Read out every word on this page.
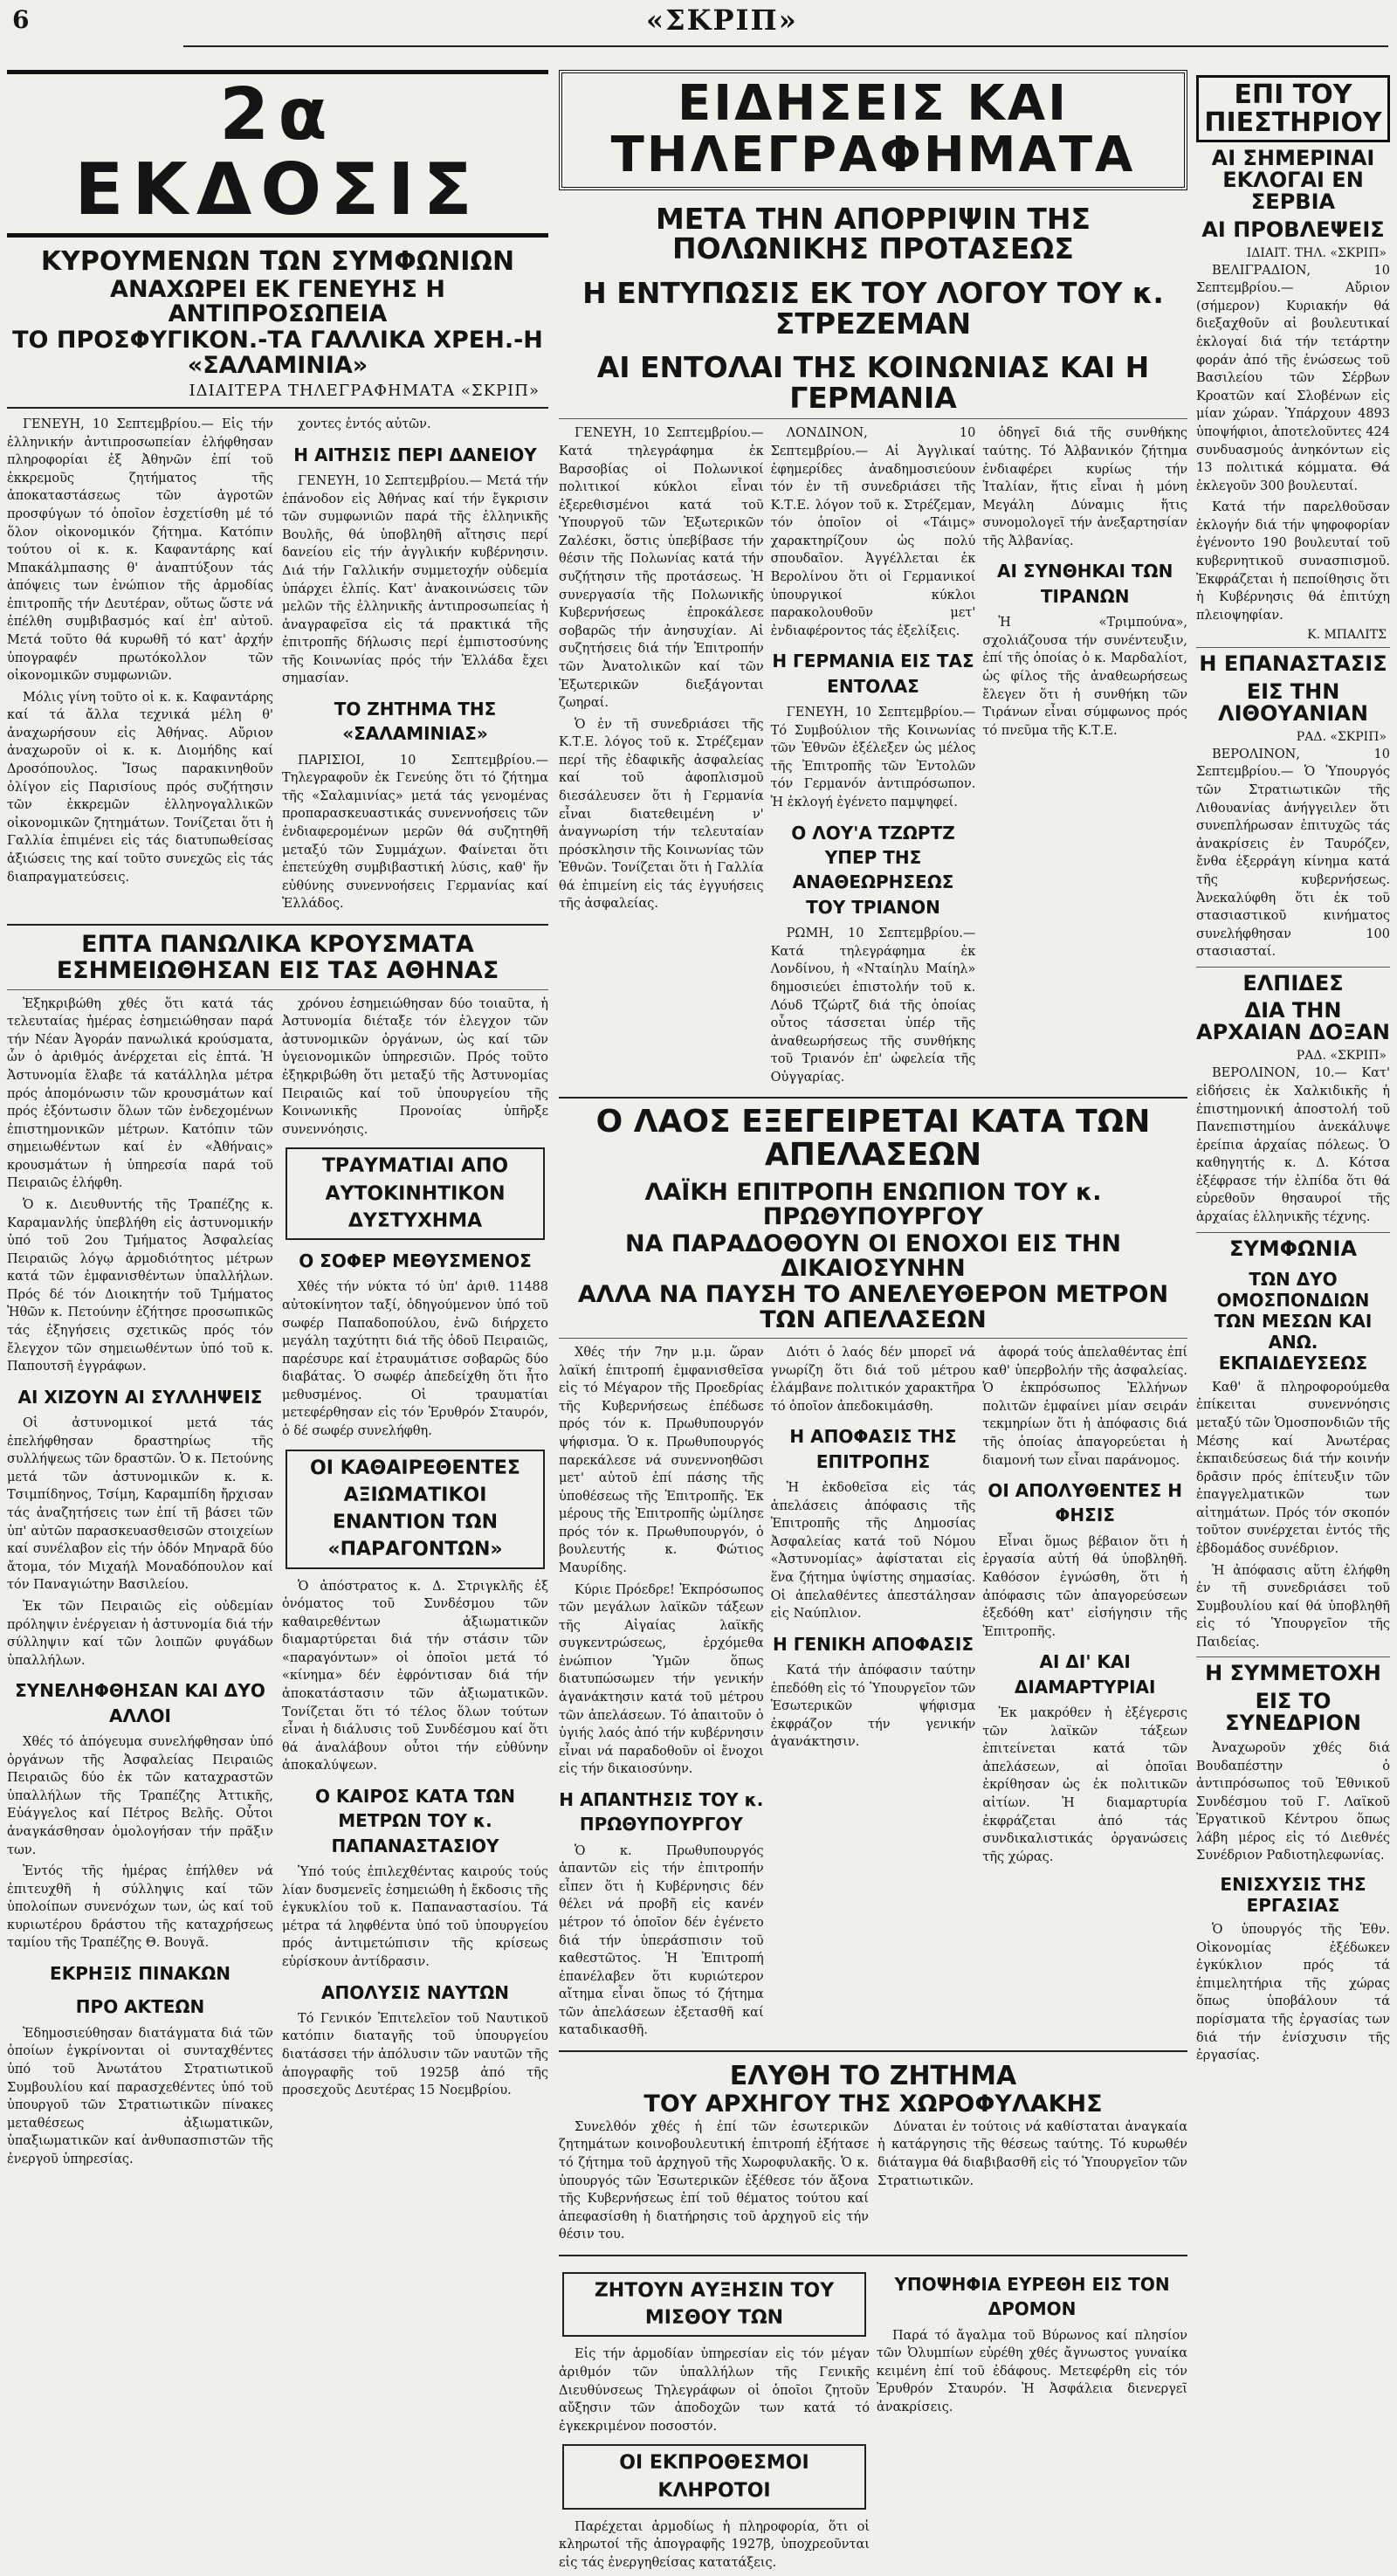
6	«ΣΚΡΙΠ»
2α ΕΚΔΟΣΙΣ
ΚΥΡΟΥΜΕΝΩΝ ΤΩΝ ΣΥΜΦΩΝΙΩΝ
ΑΝΑΧΩΡΕΙ ΕΚ ΓΕΝΕΥΗΣ Η ΑΝΤΙΠΡΟΣΩΠΕΙΑ
ΤΟ ΠΡΟΣΦΥΓΙΚΟΝ.-ΤΑ ΓΑΛΛΙΚΑ ΧΡΕΗ.-Η «ΣΑΛΑΜΙΝΙΑ»
ΙΔΙΑΙΤΕΡΑ ΤΗΛΕΓΡΑΦΗΜΑΤΑ «ΣΚΡΙΠ»

ΓΕΝΕΥΗ, 10 Σεπτεμβρίου.— Εἰς τήν ἑλληνικήν ἀντιπροσωπείαν ἐλήφθησαν πληροφορίαι ἐξ Ἀθηνῶν ἐπί τοῦ ἐκκρεμοῦς ζητήματος τῆς ἀποκαταστάσεως τῶν ἀγροτῶν προσφύγων τό ὁποῖον ἐσχετίσθη μέ τό ὅλον οἰκονομικόν ζήτημα. Κατόπιν τούτου οἱ κ. κ. Καφαντάρης καί Μπακάλμπασης θ' ἀναπτύξουν τάς ἀπόψεις των ἐνώπιον τῆς ἁρμοδίας ἐπιτροπῆς τήν Δευτέραν, οὕτως ὥστε νά ἐπέλθη συμβιβασμός καί ἐπ' αὐτοῦ. Μετά τοῦτο θά κυρωθῆ τό κατ' ἀρχήν ὑπογραφέν πρωτόκολλον τῶν οἰκονομικῶν συμφωνιῶν.

Μόλις γίνη τοῦτο οἱ κ. κ. Καφαντάρης καί τά ἄλλα τεχνικά μέλη θ' ἀναχωρήσουν εἰς Ἀθήνας. Αὔριον ἀναχωροῦν οἱ κ. κ. Διομήδης καί Δροσόπουλος. Ἴσως παρακινηθοῦν ὀλίγον εἰς Παρισίους πρός συζήτησιν τῶν ἐκκρεμῶν ἑλληνογαλλικῶν οἰκονομικῶν ζητημάτων. Τονίζεται ὅτι ἡ Γαλλία ἐπιμένει εἰς τάς διατυπωθείσας ἀξιώσεις της καί τοῦτο συνεχῶς εἰς τάς διαπραγματεύσεις.

χοντες ἐντός αὐτῶν.

Η ΑΙΤΗΣΙΣ ΠΕΡΙ ΔΑΝΕΙΟΥ

ΓΕΝΕΥΗ, 10 Σεπτεμβρίου.— Μετά τήν ἐπάνοδον εἰς Ἀθήνας καί τήν ἔγκρισιν τῶν συμφωνιῶν παρά τῆς ἑλληνικῆς Βουλῆς, θά ὑποβληθῆ αἴτησις περί δανείου εἰς τήν ἀγγλικήν κυβέρνησιν. Διά τήν Γαλλικήν συμμετοχήν οὐδεμία ὑπάρχει ἐλπίς. Κατ' ἀνακοινώσεις τῶν μελῶν τῆς ἑλληνικῆς ἀντιπροσωπείας ἡ ἀναγραφεῖσα εἰς τά πρακτικά τῆς ἐπιτροπῆς δήλωσις περί ἐμπιστοσύνης τῆς Κοινωνίας πρός τήν Ἑλλάδα ἔχει σημασίαν.

ΤΟ ΖΗΤΗΜΑ ΤΗΣ «ΣΑΛΑΜΙΝΙΑΣ»

ΠΑΡΙΣΙΟΙ, 10 Σεπτεμβρίου.— Τηλεγραφοῦν ἐκ Γενεύης ὅτι τό ζήτημα τῆς «Σαλαμινίας» μετά τάς γενομένας προπαρασκευαστικάς συνεννοήσεις τῶν ἐνδιαφερομένων μερῶν θά συζητηθῆ μεταξύ τῶν Συμμάχων. Φαίνεται ὅτι ἐπετεύχθη συμβιβαστική λύσις, καθ' ἥν εὐθύνης συνεννοήσεις Γερμανίας καί Ἑλλάδος.

ΕΠΤΑ ΠΑΝΩΛΙΚΑ ΚΡΟΥΣΜΑΤΑ
ΕΣΗΜΕΙΩΘΗΣΑΝ ΕΙΣ ΤΑΣ ΑΘΗΝΑΣ

Ἐξηκριβώθη χθές ὅτι κατά τάς τελευταίας ἡμέρας ἐσημειώθησαν παρά τήν Νέαν Ἀγοράν πανωλικά κρούσματα, ὧν ὁ ἀριθμός ἀνέρχεται εἰς ἑπτά. Ἡ Ἀστυνομία ἔλαβε τά κατάλληλα μέτρα πρός ἀπομόνωσιν τῶν κρουσμάτων καί πρός ἐξόντωσιν ὅλων τῶν ἐνδεχομένων ἐπιστημονικῶν μέτρων. Κατόπιν τῶν σημειωθέντων καί ἐν «Ἀθήναις» κρουσμάτων ἡ ὑπηρεσία παρά τοῦ Πειραιῶς ἐλήφθη.

Ὁ κ. Διευθυντής τῆς Τραπέζης κ. Καραμανλής ὑπεβλήθη εἰς ἀστυνομικήν ὑπό τοῦ 2ου Τμήματος Ἀσφαλείας Πειραιῶς λόγῳ ἁρμοδιότητος μέτρων κατά τῶν ἐμφανισθέντων ὑπαλλήλων. Πρός δέ τόν Διοικητήν τοῦ Τμήματος Ἠθῶν κ. Πετούνην ἐζήτησε προσωπικῶς τάς ἐξηγήσεις σχετικῶς πρός τόν ἔλεγχον τῶν σημειωθέντων ὑπό τοῦ κ. Παπουτσῆ ἐγγράφων.

ΑΙ ΧΙΖΟΥΝ ΑΙ ΣΥΛΛΗΨΕΙΣ

Οἱ ἀστυνομικοί μετά τάς ἐπελήφθησαν δραστηρίως τῆς συλλήψεως τῶν δραστῶν. Ὁ κ. Πετούνης μετά τῶν ἀστυνομικῶν κ. κ. Τσιμπίδηνος, Τσίμη, Καραμπίδη ἤρχισαν τάς ἀναζητήσεις των ἐπί τῆ βάσει τῶν ὑπ' αὐτῶν παρασκευασθεισῶν στοιχείων καί συνέλαβον εἰς τήν ὁδόν Μηναρᾶ δύο ἄτομα, τόν Μιχαήλ Μοναδόπουλον καί τόν Παναγιώτην Βασιλείου.

Ἐκ τῶν Πειραιῶς εἰς οὐδεμίαν πρόληψιν ἐνέργειαν ἡ ἀστυνομία διά τήν σύλληψιν καί τῶν λοιπῶν φυγάδων ὑπαλλήλων.

ΣΥΝΕΛΗΦΘΗΣΑΝ ΚΑΙ ΔΥΟ ΑΛΛΟΙ

Χθές τό ἀπόγευμα συνελήφθησαν ὑπό ὀργάνων τῆς Ἀσφαλείας Πειραιῶς Πειραιῶς δύο ἐκ τῶν καταχραστῶν ὑπαλλήλων τῆς Τραπέζης Ἀττικῆς, Εὐάγγελος καί Πέτρος Βελῆς. Οὗτοι ἀναγκάσθησαν ὁμολογήσαν τήν πρᾶξιν των.

Ἐντός τῆς ἡμέρας ἐπήλθεν νά ἐπιτευχθῆ ἡ σύλληψις καί τῶν ὑπολοίπων συνενόχων των, ὡς καί τοῦ κυριωτέρου δράστου τῆς καταχρήσεως ταμίου τῆς Τραπέζης Θ. Βουγᾶ.

ΕΚΡΗΞΙΣ ΠΙΝΑΚΩΝ
ΠΡΟ ΑΚΤΕΩΝ

Ἐδημοσιεύθησαν διατάγματα διά τῶν ὁποίων ἐγκρίνονται οἱ συνταχθέντες ὑπό τοῦ Ἀνωτάτου Στρατιωτικοῦ Συμβουλίου καί παρασχεθέντες ὑπό τοῦ ὑπουργοῦ τῶν Στρατιωτικῶν πίνακες μεταθέσεως ἀξιωματικῶν, ὑπαξιωματικῶν καί ἀνθυπασπιστῶν τῆς ἐνεργοῦ ὑπηρεσίας.

χρόνου ἐσημειώθησαν δύο τοιαῦτα, ἡ Ἀστυνομία διέταξε τόν ἐλεγχον τῶν ἀστυνομικῶν ὀργάνων, ὡς καί τῶν ὑγειονομικῶν ὑπηρεσιῶν. Πρός τοῦτο ἐξηκριβώθη ὅτι μεταξύ τῆς Ἀστυνομίας Πειραιῶς καί τοῦ ὑπουργείου τῆς Κοινωνικῆς Προνοίας ὑπῆρξε συνεννόησις.

ΤΡΑΥΜΑΤΙΑΙ ΑΠΟ ΑΥΤΟΚΙΝΗΤΙΚΟΝ ΔΥΣΤΥΧΗΜΑ
Ο ΣΟΦΕΡ ΜΕΘΥΣΜΕΝΟΣ

Χθές τήν νύκτα τό ὑπ' ἀριθ. 11488 αὐτοκίνητον ταξί, ὁδηγούμενον ὑπό τοῦ σωφέρ Παπαδοπούλου, ἐνῶ διήρχετο μεγάλη ταχύτητι διά τῆς ὁδοῦ Πειραιῶς, παρέσυρε καί ἐτραυμάτισε σοβαρῶς δύο διαβάτας. Ὁ σωφέρ ἀπεδείχθη ὅτι ἦτο μεθυσμένος. Οἱ τραυματίαι μετεφέρθησαν εἰς τόν Ἐρυθρόν Σταυρόν, ὁ δέ σωφέρ συνελήφθη.

ΟΙ ΚΑΘΑΙΡΕΘΕΝΤΕΣ ΑΞΙΩΜΑΤΙΚΟΙ ΕΝΑΝΤΙΟΝ ΤΩΝ «ΠΑΡΑΓΟΝΤΩΝ»

Ὁ ἀπόστρατος κ. Δ. Στριγκλῆς ἐξ ὀνόματος τοῦ Συνδέσμου τῶν καθαιρεθέντων ἀξιωματικῶν διαμαρτύρεται διά τήν στάσιν τῶν «παραγόντων» οἱ ὁποῖοι μετά τό «κίνημα» δέν ἐφρόντισαν διά τήν ἀποκατάστασιν τῶν ἀξιωματικῶν. Τονίζεται ὅτι τό τέλος ὅλων τούτων εἶναι ἡ διάλυσις τοῦ Συνδέσμου καί ὅτι θά ἀναλάβουν οὗτοι τήν εὐθύνην ἀποκαλύψεων.

Ο ΚΑΙΡΟΣ ΚΑΤΑ ΤΩΝ ΜΕΤΡΩΝ ΤΟΥ κ. ΠΑΠΑΝΑΣΤΑΣΙΟΥ

Ὑπό τούς ἐπιλεχθέντας καιρούς τούς λίαν δυσμενεῖς ἐσημειώθη ἡ ἔκδοσις τῆς ἐγκυκλίου τοῦ κ. Παπαναστασίου. Τά μέτρα τά ληφθέντα ὑπό τοῦ ὑπουργείου πρός ἀντιμετώπισιν τῆς κρίσεως εὑρίσκουν ἀντίδρασιν.

ΑΠΟΛΥΣΙΣ ΝΑΥΤΩΝ

Τό Γενικόν Ἐπιτελεῖον τοῦ Ναυτικοῦ κατόπιν διαταγῆς τοῦ ὑπουργείου διατάσσει τήν ἀπόλυσιν τῶν ναυτῶν τῆς ἀπογραφῆς τοῦ 1925β ἀπό τῆς προσεχοῦς Δευτέρας 15 Νοεμβρίου.

ΕΙΔΗΣΕΙΣ ΚΑΙ ΤΗΛΕΓΡΑΦΗΜΑΤΑ
ΜΕΤΑ ΤΗΝ ΑΠΟΡΡΙΨΙΝ ΤΗΣ ΠΟΛΩΝΙΚΗΣ ΠΡΟΤΑΣΕΩΣ
Η ΕΝΤΥΠΩΣΙΣ ΕΚ ΤΟΥ ΛΟΓΟΥ ΤΟΥ κ. ΣΤΡΕΖΕΜΑΝ
ΑΙ ΕΝΤΟΛΑΙ ΤΗΣ ΚΟΙΝΩΝΙΑΣ ΚΑΙ Η ΓΕΡΜΑΝΙΑ

ΓΕΝΕΥΗ, 10 Σεπτεμβρίου.— Κατά τηλεγράφημα ἐκ Βαρσοβίας οἱ Πολωνικοί πολιτικοί κύκλοι εἶναι ἐξερεθισμένοι κατά τοῦ Ὑπουργοῦ τῶν Ἐξωτερικῶν Ζαλέσκι, ὅστις ὑπεβίβασε τήν θέσιν τῆς Πολωνίας κατά τήν συζήτησιν τῆς προτάσεως. Ἡ συνεργασία τῆς Πολωνικῆς Κυβερνήσεως ἐπροκάλεσε σοβαρῶς τήν ἀνησυχίαν. Αἱ συζητήσεις διά τήν Ἐπιτροπήν τῶν Ἀνατολικῶν καί τῶν Ἐξωτερικῶν διεξάγονται ζωηραί.

Ὁ ἐν τῆ συνεδριάσει τῆς Κ.Τ.Ε. λόγος τοῦ κ. Στρέζεμαν περί τῆς ἐδαφικῆς ἀσφαλείας καί τοῦ ἀφοπλισμοῦ διεσάλευσεν ὅτι ἡ Γερμανία εἶναι διατεθειμένη ν' ἀναγνωρίση τήν τελευταίαν πρόσκλησιν τῆς Κοινωνίας τῶν Ἐθνῶν. Τονίζεται ὅτι ἡ Γαλλία θά ἐπιμείνη εἰς τάς ἐγγυήσεις τῆς ἀσφαλείας.

ΛΟΝΔΙΝΟΝ, 10 Σεπτεμβρίου.— Αἱ Ἀγγλικαί ἐφημερίδες ἀναδημοσιεύουν τόν ἐν τῆ συνεδριάσει τῆς Κ.Τ.Ε. λόγον τοῦ κ. Στρέζεμαν, τόν ὁποῖον οἱ «Τάιμς» χαρακτηρίζουν ὡς πολύ σπουδαῖον. Ἀγγέλλεται ἐκ Βερολίνου ὅτι οἱ Γερμανικοί ὑπουργικοί κύκλοι παρακολουθοῦν μετ' ἐνδιαφέροντος τάς ἐξελίξεις.

Η ΓΕΡΜΑΝΙΑ ΕΙΣ ΤΑΣ ΕΝΤΟΛΑΣ

ΓΕΝΕΥΗ, 10 Σεπτεμβρίου.— Τό Συμβούλιον τῆς Κοινωνίας τῶν Ἐθνῶν ἐξέλεξεν ὡς μέλος τῆς Ἐπιτροπῆς τῶν Ἐντολῶν τόν Γερμανόν ἀντιπρόσωπον. Ἡ ἐκλογή ἐγένετο παμψηφεί.

Ο ΛΟΥ'Α ΤΖΩΡΤΖ ΥΠΕΡ ΤΗΣ ΑΝΑΘΕΩΡΗΣΕΩΣ ΤΟΥ ΤΡΙΑΝΟΝ

ΡΩΜΗ, 10 Σεπτεμβρίου.— Κατά τηλεγράφημα ἐκ Λονδίνου, ἡ «Νταίηλυ Μαίηλ» δημοσιεύει ἐπιστολήν τοῦ κ. Λόυδ Τζώρτζ διά τῆς ὁποίας οὗτος τάσσεται ὑπέρ τῆς ἀναθεωρήσεως τῆς συνθήκης τοῦ Τριανόν ἐπ' ὠφελεία τῆς Οὐγγαρίας.

ὁδηγεῖ διά τῆς συνθήκης ταύτης. Τό Ἀλβανικόν ζήτημα ἐνδιαφέρει κυρίως τήν Ἰταλίαν, ἥτις εἶναι ἡ μόνη Μεγάλη Δύναμις ἥτις συνομολογεῖ τήν ἀνεξαρτησίαν τῆς Ἀλβανίας.

ΑΙ ΣΥΝΘΗΚΑΙ ΤΩΝ ΤΙΡΑΝΩΝ

Ἡ «Τριμπούνα», σχολιάζουσα τήν συνέντευξιν, ἐπί τῆς ὁποίας ὁ κ. Μαρδαλίοτ, ὡς φίλος τῆς ἀναθεωρήσεως ἔλεγεν ὅτι ἡ συνθήκη τῶν Τιράνων εἶναι σύμφωνος πρός τό πνεῦμα τῆς Κ.Τ.Ε.

Ο ΛΑΟΣ ΕΞΕΓΕΙΡΕΤΑΙ ΚΑΤΑ ΤΩΝ ΑΠΕΛΑΣΕΩΝ
ΛΑΪΚΗ ΕΠΙΤΡΟΠΗ ΕΝΩΠΙΟΝ ΤΟΥ κ. ΠΡΩΘΥΠΟΥΡΓΟΥ
ΝΑ ΠΑΡΑΔΟΘΟΥΝ ΟΙ ΕΝΟΧΟΙ ΕΙΣ ΤΗΝ ΔΙΚΑΙΟΣΥΝΗΝ
ΑΛΛΑ ΝΑ ΠΑΥΣΗ ΤΟ ΑΝΕΛΕΥΘΕΡΟΝ ΜΕΤΡΟΝ ΤΩΝ ΑΠΕΛΑΣΕΩΝ

Χθές τήν 7ην μ.μ. ὥραν λαϊκή ἐπιτροπή ἐμφανισθεῖσα εἰς τό Μέγαρον τῆς Προεδρίας τῆς Κυβερνήσεως ἐπέδωσε πρός τόν κ. Πρωθυπουργόν ψήφισμα. Ὁ κ. Πρωθυπουργός παρεκάλεσε νά συνεννοηθῶσι μετ' αὐτοῦ ἐπί πάσης τῆς ὑποθέσεως τῆς Ἐπιτροπῆς. Ἐκ μέρους τῆς Ἐπιτροπῆς ὡμίλησε πρός τόν κ. Πρωθυπουργόν, ὁ βουλευτής κ. Φώτιος Μαυρίδης.

Κύριε Πρόεδρε! Ἐκπρόσωπος τῶν μεγάλων λαϊκῶν τάξεων τῆς Αἰγαίας λαϊκῆς συγκεντρώσεως, ἐρχόμεθα ἐνώπιον Ὑμῶν ὅπως διατυπώσωμεν τήν γενικήν ἀγανάκτησιν κατά τοῦ μέτρου τῶν ἀπελάσεων. Τό ἀπαιτοῦν ὁ ὑγιής λαός ἀπό τήν κυβέρνησιν εἶναι νά παραδοθοῦν οἱ ἔνοχοι εἰς τήν δικαιοσύνην.

Η ΑΠΑΝΤΗΣΙΣ ΤΟΥ κ. ΠΡΩΘΥΠΟΥΡΓΟΥ

Ὁ κ. Πρωθυπουργός ἀπαντῶν εἰς τήν ἐπιτροπήν εἶπεν ὅτι ἡ Κυβέρνησις δέν θέλει νά προβῆ εἰς κανέν μέτρον τό ὁποῖον δέν ἐγένετο διά τήν ὑπεράσπισιν τοῦ καθεστῶτος. Ἡ Ἐπιτροπή ἐπανέλαβεν ὅτι κυριώτερον αἴτημα εἶναι ὅπως τό ζήτημα τῶν ἀπελάσεων ἐξετασθῆ καί καταδικασθῆ.

Διότι ὁ λαός δέν μπορεῖ νά γνωρίζη ὅτι διά τοῦ μέτρου ἐλάμβανε πολιτικόν χαρακτῆρα τό ὁποῖον ἀπεδοκιμάσθη.

Η ΑΠΟΦΑΣΙΣ ΤΗΣ ΕΠΙΤΡΟΠΗΣ

Ἡ ἐκδοθεῖσα εἰς τάς ἀπελάσεις ἀπόφασις τῆς Ἐπιτροπῆς τῆς Δημοσίας Ἀσφαλείας κατά τοῦ Νόμου «Ἀστυνομίας» ἀφίσταται εἰς ἕνα ζήτημα ὑψίστης σημασίας. Οἱ ἀπελαθέντες ἀπεστάλησαν εἰς Ναύπλιον.

Η ΓΕΝΙΚΗ ΑΠΟΦΑΣΙΣ

Κατά τήν ἀπόφασιν ταύτην ἐπεδόθη εἰς τό Ὑπουργεῖον τῶν Ἐσωτερικῶν ψήφισμα ἐκφράζον τήν γενικήν ἀγανάκτησιν.

ἀφορά τούς ἀπελαθέντας ἐπί καθ' ὑπερβολήν τῆς ἀσφαλείας. Ὁ ἐκπρόσωπος Ἑλλήνων πολιτῶν ἐμφαίνει μίαν σειράν τεκμηρίων ὅτι ἡ ἀπόφασις διά τῆς ὁποίας ἀπαγορεύεται ἡ διαμονή των εἶναι παράνομος.

ΟΙ ΑΠΟΛΥΘΕΝΤΕΣ Η ΦΗΣΙΣ

Εἶναι ὅμως βέβαιον ὅτι ἡ ἐργασία αὐτή θά ὑποβληθῆ. Καθόσον ἐγνώσθη, ὅτι ἡ ἀπόφασις τῶν ἀπαγορεύσεων ἐξεδόθη κατ' εἰσήγησιν τῆς Ἐπιτροπῆς.

ΑΙ ΔΙ' ΚΑΙ ΔΙΑΜΑΡΤΥΡΙΑΙ

Ἐκ μακρόθεν ἡ ἐξέγερσις τῶν λαϊκῶν τάξεων ἐπιτείνεται κατά τῶν ἀπελάσεων, αἱ ὁποῖαι ἐκρίθησαν ὡς ἐκ πολιτικῶν αἰτίων. Ἡ διαμαρτυρία ἐκφράζεται ἀπό τάς συνδικαλιστικάς ὀργανώσεις τῆς χώρας.

ΕΛΥΘΗ ΤΟ ΖΗΤΗΜΑ
ΤΟΥ ΑΡΧΗΓΟΥ ΤΗΣ ΧΩΡΟΦΥΛΑΚΗΣ

Συνελθόν χθές ἡ ἐπί τῶν ἐσωτερικῶν ζητημάτων κοινοβουλευτική ἐπιτροπή ἐξήτασε τό ζήτημα τοῦ ἀρχηγοῦ τῆς Χωροφυλακῆς. Ὁ κ. ὑπουργός τῶν Ἐσωτερικῶν ἐξέθεσε τόν ἄξονα τῆς Κυβερνήσεως ἐπί τοῦ θέματος τούτου καί ἀπεφασίσθη ἡ διατήρησις τοῦ ἀρχηγοῦ εἰς τήν θέσιν του.

Δύναται ἐν τούτοις νά καθίσταται ἀναγκαία ἡ κατάργησις τῆς θέσεως ταύτης. Τό κυρωθέν διάταγμα θά διαβιβασθῆ εἰς τό Ὑπουργεῖον τῶν Στρατιωτικῶν.

ΖΗΤΟΥΝ ΑΥΞΗΣΙΝ ΤΟΥ ΜΙΣΘΟΥ ΤΩΝ

Εἰς τήν ἁρμοδίαν ὑπηρεσίαν εἰς τόν μέγαν ἀριθμόν τῶν ὑπαλλήλων τῆς Γενικῆς Διευθύνσεως Τηλεγράφων οἱ ὁποῖοι ζητοῦν αὔξησιν τῶν ἀποδοχῶν των κατά τό ἐγκεκριμένον ποσοστόν.

ΟΙ ΕΚΠΡΟΘΕΣΜΟΙ ΚΛΗΡΟΤΟΙ

Παρέχεται ἁρμοδίως ἡ πληροφορία, ὅτι οἱ κληρωτοί τῆς ἀπογραφῆς 1927β, ὑποχρεοῦνται εἰς τάς ἐνεργηθείσας κατατάξεις.

ΥΠΟΨΗΦΙΑ ΕΥΡΕΘΗ ΕΙΣ ΤΟΝ ΔΡΟΜΟΝ

Παρά τό ἄγαλμα τοῦ Βύρωνος καί πλησίον τῶν Ὀλυμπίων εὑρέθη χθές ἄγνωστος γυναίκα κειμένη ἐπί τοῦ ἐδάφους. Μετεφέρθη εἰς τόν Ἐρυθρόν Σταυρόν. Ἡ Ἀσφάλεια διενεργεῖ ἀνακρίσεις.

ΕΠΙ ΤΟΥ ΠΙΕΣΤΗΡΙΟΥ
ΑΙ ΣΗΜΕΡΙΝΑΙ ΕΚΛΟΓΑΙ ΕΝ ΣΕΡΒΙΑ
ΑΙ ΠΡΟΒΛΕΨΕΙΣ
ΙΔΙΑΙΤ. ΤΗΛ. «ΣΚΡΙΠ»

ΒΕΛΙΓΡΑΔΙΟΝ, 10 Σεπτεμβρίου.— Αὔριον (σήμερον) Κυριακήν θά διεξαχθοῦν αἱ βουλευτικαί ἐκλογαί διά τήν τετάρτην φοράν ἀπό τῆς ἑνώσεως τοῦ Βασιλείου τῶν Σέρβων Κροατῶν καί Σλοβένων εἰς μίαν χώραν. Ὑπάρχουν 4893 ὑποψήφιοι, ἀποτελοῦντες 424 συνδυασμούς ἀνηκόντων εἰς 13 πολιτικά κόμματα. Θά ἐκλεγοῦν 300 βουλευταί.

Κατά τήν παρελθοῦσαν ἐκλογήν διά τήν ψηφοφορίαν ἐγένοντο 190 βουλευταί τοῦ κυβερνητικοῦ συνασπισμοῦ. Ἐκφράζεται ἡ πεποίθησις ὅτι ἡ Κυβέρνησις θά ἐπιτύχη πλειοψηφίαν.

Κ. ΜΠΑΛΙΤΣ
Η ΕΠΑΝΑΣΤΑΣΙΣ
ΕΙΣ ΤΗΝ ΛΙΘΟΥΑΝΙΑΝ
ΡΑΔ. «ΣΚΡΙΠ»

ΒΕΡΟΛΙΝΟΝ, 10 Σεπτεμβρίου.— Ὁ Ὑπουργός τῶν Στρατιωτικῶν τῆς Λιθουανίας ἀνήγγειλεν ὅτι συνεπλήρωσαν ἐπιτυχῶς τάς ἀνακρίσεις ἐν Ταυρόζεν, ἔνθα ἐξερράγη κίνημα κατά τῆς κυβερνήσεως. Ἀνεκαλύφθη ὅτι ἐκ τοῦ στασιαστικοῦ κινήματος συνελήφθησαν 100 στασιασταί.

ΕΛΠΙΔΕΣ
ΔΙΑ ΤΗΝ ΑΡΧΑΙΑΝ ΔΟΞΑΝ
ΡΑΔ. «ΣΚΡΙΠ»

ΒΕΡΟΛΙΝΟΝ, 10.— Κατ' εἰδήσεις ἐκ Χαλκιδικῆς ἡ ἐπιστημονική ἀποστολή τοῦ Πανεπιστημίου ἀνεκάλυψε ἐρείπια ἀρχαίας πόλεως. Ὁ καθηγητής κ. Δ. Κότσα ἐξέφρασε τήν ἐλπίδα ὅτι θά εὑρεθοῦν θησαυροί τῆς ἀρχαίας ἑλληνικῆς τέχνης.

ΣΥΜΦΩΝΙΑ
ΤΩΝ ΔΥΟ ΟΜΟΣΠΟΝΔΙΩΝ ΤΩΝ ΜΕΣΩΝ ΚΑΙ ΑΝΩ. ΕΚΠΑΙΔΕΥΣΕΩΣ

Καθ' ἅ πληροφορούμεθα ἐπίκειται συνεννόησις μεταξύ τῶν Ὁμοσπονδιῶν τῆς Μέσης καί Ἀνωτέρας ἐκπαιδεύσεως διά τήν κοινήν δρᾶσιν πρός ἐπίτευξιν τῶν ἐπαγγελματικῶν των αἰτημάτων. Πρός τόν σκοπόν τοῦτον συνέρχεται ἐντός τῆς ἑβδομάδος συνέδριον.

Ἡ ἀπόφασις αὕτη ἐλήφθη ἐν τῆ συνεδριάσει τοῦ Συμβουλίου καί θά ὑποβληθῆ εἰς τό Ὑπουργεῖον τῆς Παιδείας.

Η ΣΥΜΜΕΤΟΧΗ
ΕΙΣ ΤΟ ΣΥΝΕΔΡΙΟΝ

Ἀναχωροῦν χθές διά Βουδαπέστην ὁ ἀντιπρόσωπος τοῦ Ἐθνικοῦ Συνδέσμου τοῦ Γ. Λαϊκοῦ Ἐργατικοῦ Κέντρου ὅπως λάβη μέρος εἰς τό Διεθνές Συνέδριον Ραδιοτηλεφωνίας.

ΕΝΙΣΧΥΣΙΣ ΤΗΣ ΕΡΓΑΣΙΑΣ

Ὁ ὑπουργός τῆς Ἐθν. Οἰκονομίας ἐξέδωκεν ἐγκύκλιον πρός τά ἐπιμελητήρια τῆς χώρας ὅπως ὑποβάλουν τά πορίσματα τῆς ἐργασίας των διά τήν ἐνίσχυσιν τῆς ἐργασίας.
